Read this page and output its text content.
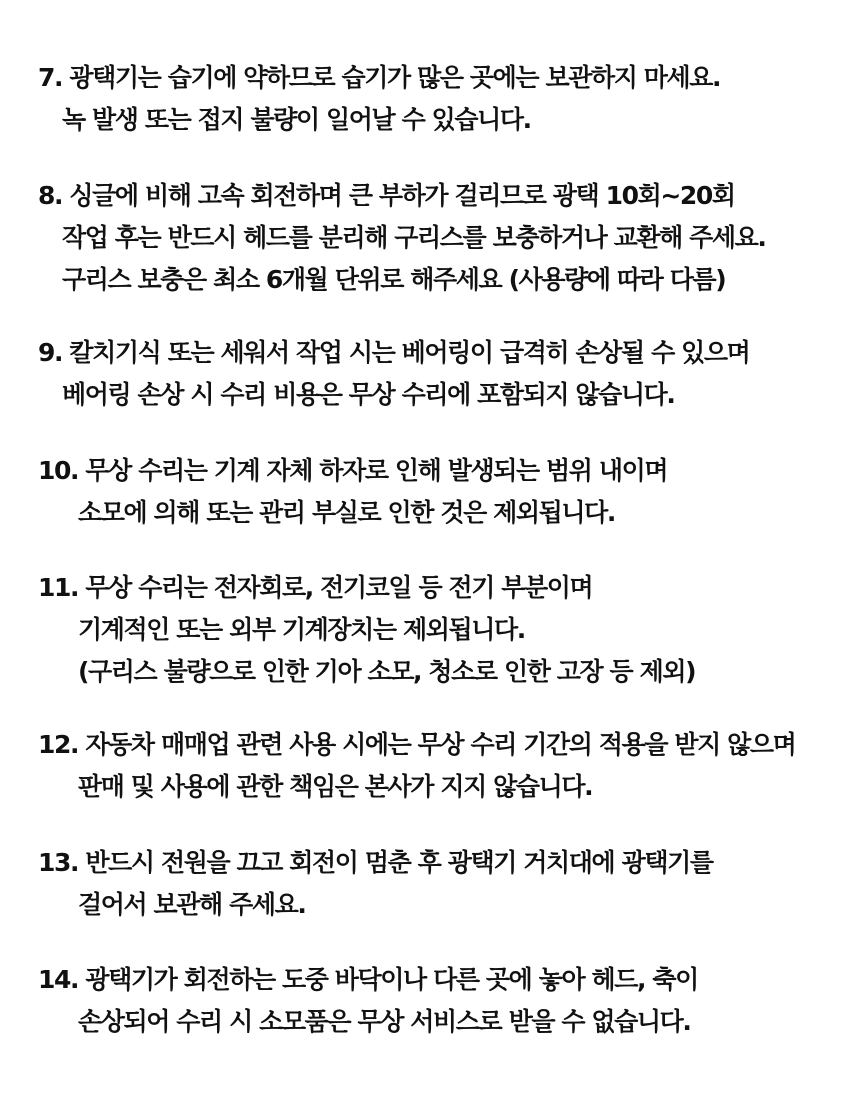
7. 광택기는 습기에 약하므로 습기가 많은 곳에는 보관하지 마세요.
녹 발생 또는 접지 불량이 일어날 수 있습니다.
8. 싱글에 비해 고속 회전하며 큰 부하가 걸리므로 광택 10회~20회
작업 후는 반드시 헤드를 분리해 구리스를 보충하거나 교환해 주세요.
구리스 보충은 최소 6개월 단위로 해주세요 (사용량에 따라 다름)
9. 칼치기식 또는 세워서 작업 시는 베어링이 급격히 손상될 수 있으며
베어링 손상 시 수리 비용은 무상 수리에 포함되지 않습니다.
10. 무상 수리는 기계 자체 하자로 인해 발생되는 범위 내이며
소모에 의해 또는 관리 부실로 인한 것은 제외됩니다.
11. 무상 수리는 전자회로, 전기코일 등 전기 부분이며
기계적인 또는 외부 기계장치는 제외됩니다.
(구리스 불량으로 인한 기아 소모, 청소로 인한 고장 등 제외)
12. 자동차 매매업 관련 사용 시에는 무상 수리 기간의 적용을 받지 않으며
판매 및 사용에 관한 책임은 본사가 지지 않습니다.
13. 반드시 전원을 끄고 회전이 멈춘 후 광택기 거치대에 광택기를
걸어서 보관해 주세요.
14. 광택기가 회전하는 도중 바닥이나 다른 곳에 놓아 헤드, 축이
손상되어 수리 시 소모품은 무상 서비스로 받을 수 없습니다.
